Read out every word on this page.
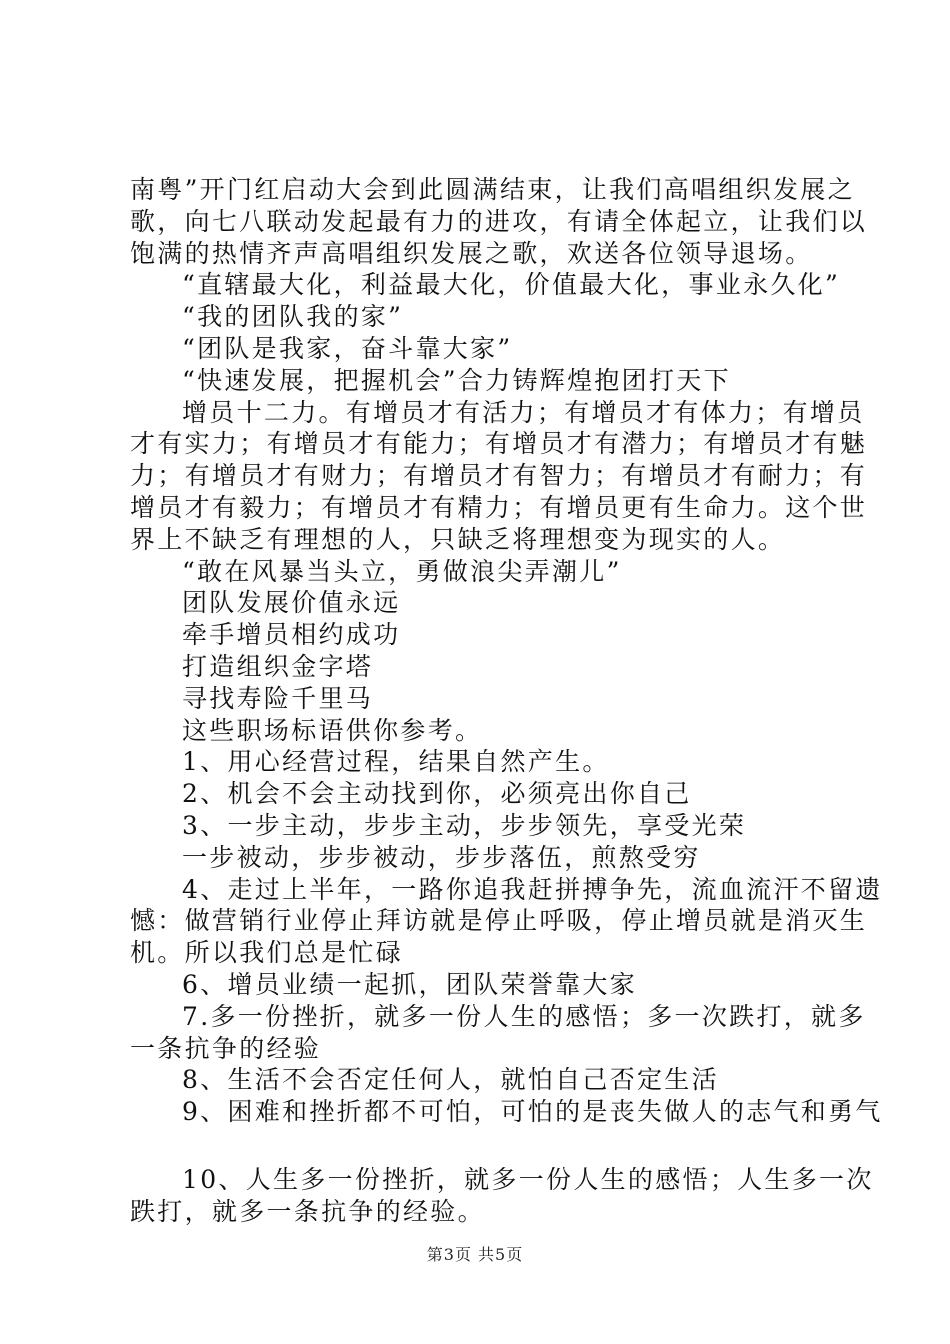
南粤”开门红启动大会到此圆满结束，让我们高唱组织发展之
歌，向七八联动发起最有力的进攻，有请全体起立，让我们以
饱满的热情齐声高唱组织发展之歌，欢送各位领导退场。
“直辖最大化，利益最大化，价值最大化，事业永久化”
“我的团队我的家”
“团队是我家，奋斗靠大家”
“快速发展，把握机会”合力铸辉煌抱团打天下
增员十二力。有增员才有活力；有增员才有体力；有增员
才有实力；有增员才有能力；有增员才有潜力；有增员才有魅
力；有增员才有财力；有增员才有智力；有增员才有耐力；有
增员才有毅力；有增员才有精力；有增员更有生命力。这个世
界上不缺乏有理想的人，只缺乏将理想变为现实的人。
“敢在风暴当头立，勇做浪尖弄潮儿”
团队发展价值永远
牵手增员相约成功
打造组织金字塔
寻找寿险千里马
这些职场标语供你参考。
1、用心经营过程，结果自然产生。
2、机会不会主动找到你，必须亮出你自己
3、一步主动，步步主动，步步领先，享受光荣
一步被动，步步被动，步步落伍，煎熬受穷
4、走过上半年，一路你追我赶拼搏争先，流血流汗不留遗
憾：做营销行业停止拜访就是停止呼吸，停止增员就是消灭生
机。所以我们总是忙碌
6、增员业绩一起抓，团队荣誉靠大家
7.多一份挫折，就多一份人生的感悟；多一次跌打，就多
一条抗争的经验
8、生活不会否定任何人，就怕自己否定生活
9、困难和挫折都不可怕，可怕的是丧失做人的志气和勇气
10、人生多一份挫折，就多一份人生的感悟；人生多一次
跌打，就多一条抗争的经验。
第3页 共5页
